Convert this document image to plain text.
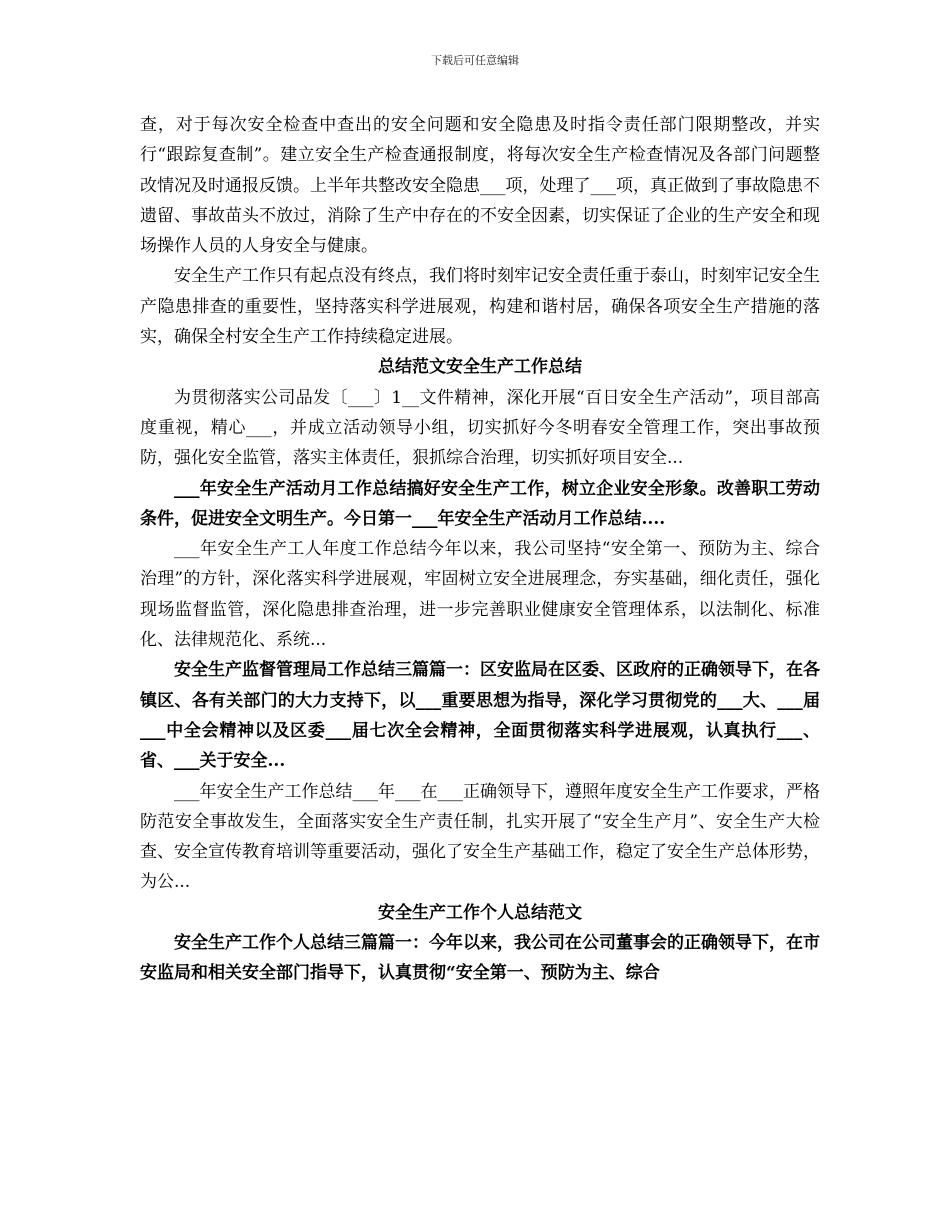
下载后可任意编辑

查，对于每次安全检查中查出的安全问题和安全隐患及时指令责任部门限期整改，并实行“跟踪复查制”。建立安全生产检查通报制度，将每次安全生产检查情况及各部门问题整改情况及时通报反馈。上半年共整改安全隐患___项，处理了___项，真正做到了事故隐患不遗留、事故苗头不放过，消除了生产中存在的不安全因素，切实保证了企业的生产安全和现场操作人员的人身安全与健康。

安全生产工作只有起点没有终点，我们将时刻牢记安全责任重于泰山，时刻牢记安全生产隐患排查的重要性，坚持落实科学进展观，构建和谐村居，确保各项安全生产措施的落实，确保全村安全生产工作持续稳定进展。

总结范文安全生产工作总结

为贯彻落实公司品发〔___〕1__文件精神，深化开展“百日安全生产活动”，项目部高度重视，精心___，并成立活动领导小组，切实抓好今冬明春安全管理工作，突出事故预防，强化安全监管，落实主体责任，狠抓综合治理，切实抓好项目安全...

___年安全生产活动月工作总结搞好安全生产工作，树立企业安全形象。改善职工劳动条件，促进安全文明生产。今日第一___年安全生产活动月工作总结....

___年安全生产工人年度工作总结今年以来，我公司坚持“安全第一、预防为主、综合治理”的方针，深化落实科学进展观，牢固树立安全进展理念，夯实基础，细化责任，强化现场监督监管，深化隐患排查治理，进一步完善职业健康安全管理体系，以法制化、标准化、法律规范化、系统...

安全生产监督管理局工作总结三篇篇一：区安监局在区委、区政府的正确领导下，在各镇区、各有关部门的大力支持下，以___重要思想为指导，深化学习贯彻党的___大、___届___中全会精神以及区委___届七次全会精神，全面贯彻落实科学进展观，认真执行___、省、___关于安全...

___年安全生产工作总结___年___在___正确领导下，遵照年度安全生产工作要求，严格防范安全事故发生，全面落实安全生产责任制，扎实开展了“安全生产月”、安全生产大检查、安全宣传教育培训等重要活动，强化了安全生产基础工作，稳定了安全生产总体形势，为公...

安全生产工作个人总结范文

安全生产工作个人总结三篇篇一：今年以来，我公司在公司董事会的正确领导下，在市安监局和相关安全部门指导下，认真贯彻“安全第一、预防为主、综合
